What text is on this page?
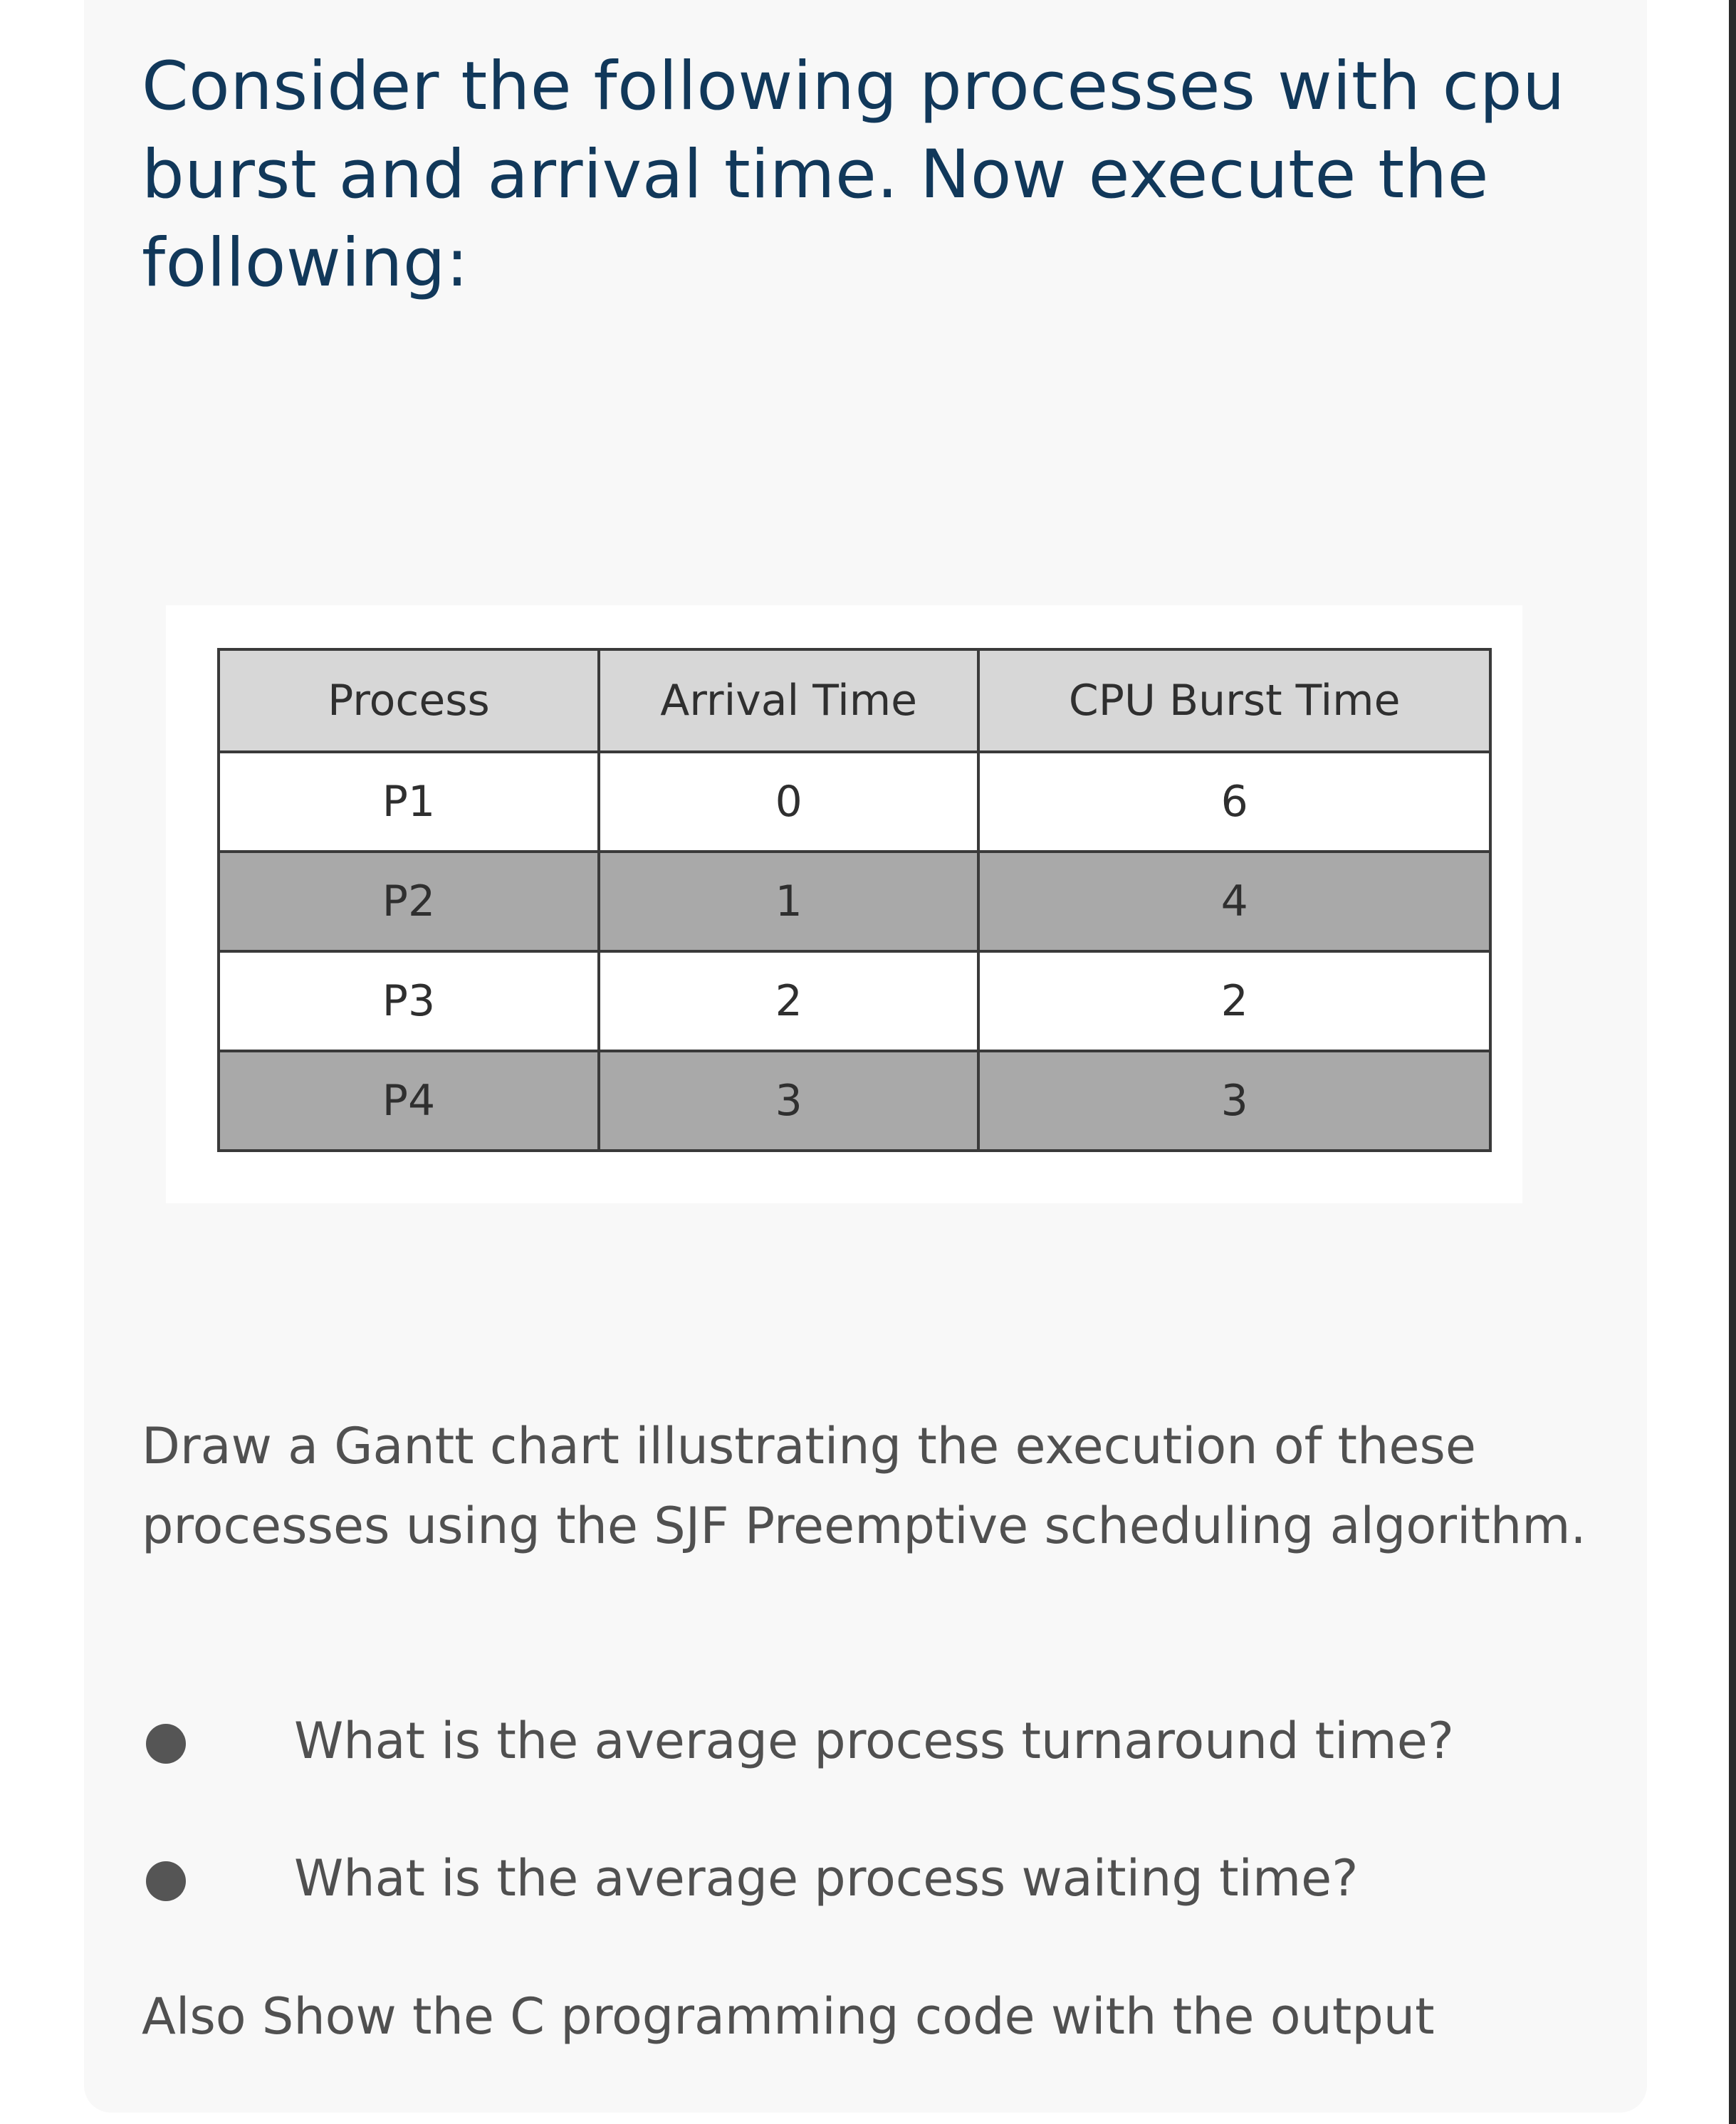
Consider the following processes with cpu burst and arrival time. Now execute the following:
Process	Arrival Time	CPU Burst Time
P1	0	6
P2	1	4
P3	2	2
P4	3	3

Draw a Gantt chart illustrating the execution of these processes using the SJF Preemptive scheduling algorithm.

What is the average process turnaround time?
What is the average process waiting time?

Also Show the C programming code with the output
